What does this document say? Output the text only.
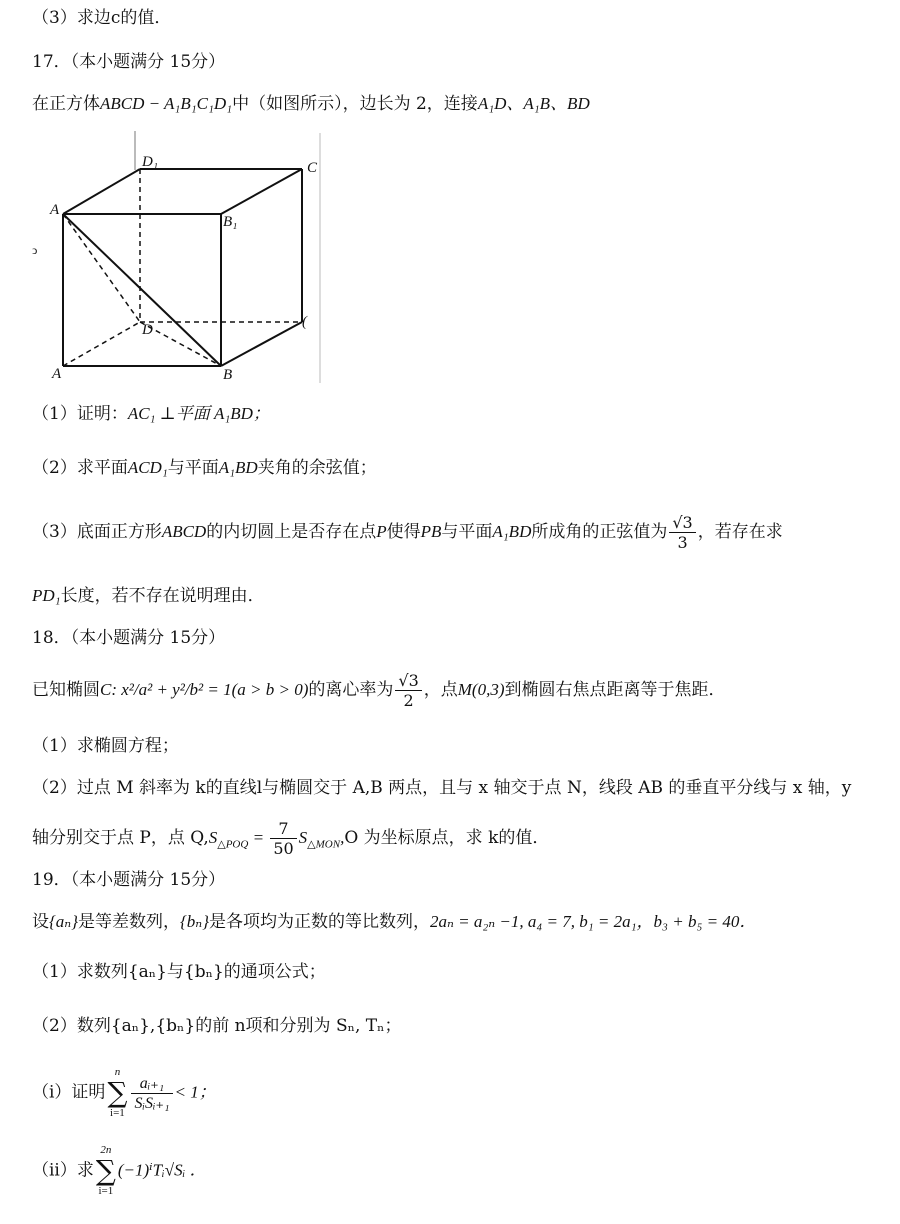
（3）求边c的值．
17．（本小题满分 15分）
在正方体ABCD − A₁B₁C₁D₁中（如图所示），边长为 2，连接A₁D、A₁B、BD
D₁	C
A
B₁
D	(
A	B
ↄ
（1）证明：AC₁ ⊥平面 A₁BD；
（2）求平面ACD₁与平面A₁BD夹角的余弦值；
（3）底面正方形ABCD的内切圆上是否存在点P使得PB与平面A₁BD所成角的正弦值为 $\frac{√3}{3}$ ，若存在求
PD₁长度，若不存在说明理由．
18．（本小题满分 15分）
已知椭圆C: x²/a² + y²/b² = 1(a > b > 0)的离心率为 $\frac{√3}{2}$ ，点M(0,3)到椭圆右焦点距离等于焦距．
（1）求椭圆方程；
（2）过点 M 斜率为 k的直线l与椭圆交于 A,B 两点，且与 x 轴交于点 N，线段 AB 的垂直平分线与 x 轴，y
轴分别交于点 P，点 $Q,S_{\triangle POQ} = \frac{7}{50} S_{\triangle MON},O$ 为坐标原点，求 k的值．
19．（本小题满分 15分）
设{aₙ}是等差数列，{bₙ}是各项均为正数的等比数列，2aₙ = a₂ₙ −1, a₄ = 7, b₁ = 2a₁，b₃ + b₅ = 40．
（1）求数列{aₙ}与{bₙ}的通项公式；
（2）数列{aₙ},{bₙ}的前 n项和分别为 Sₙ, Tₙ；
（i）证明
n
∑
i=1
$\frac{\text{aᵢ₊₁}}{\text{SᵢSᵢ₊₁}} < 1$；
（ii）求
2n
∑
i=1
(−1)ⁱTᵢ√Sᵢ ．
